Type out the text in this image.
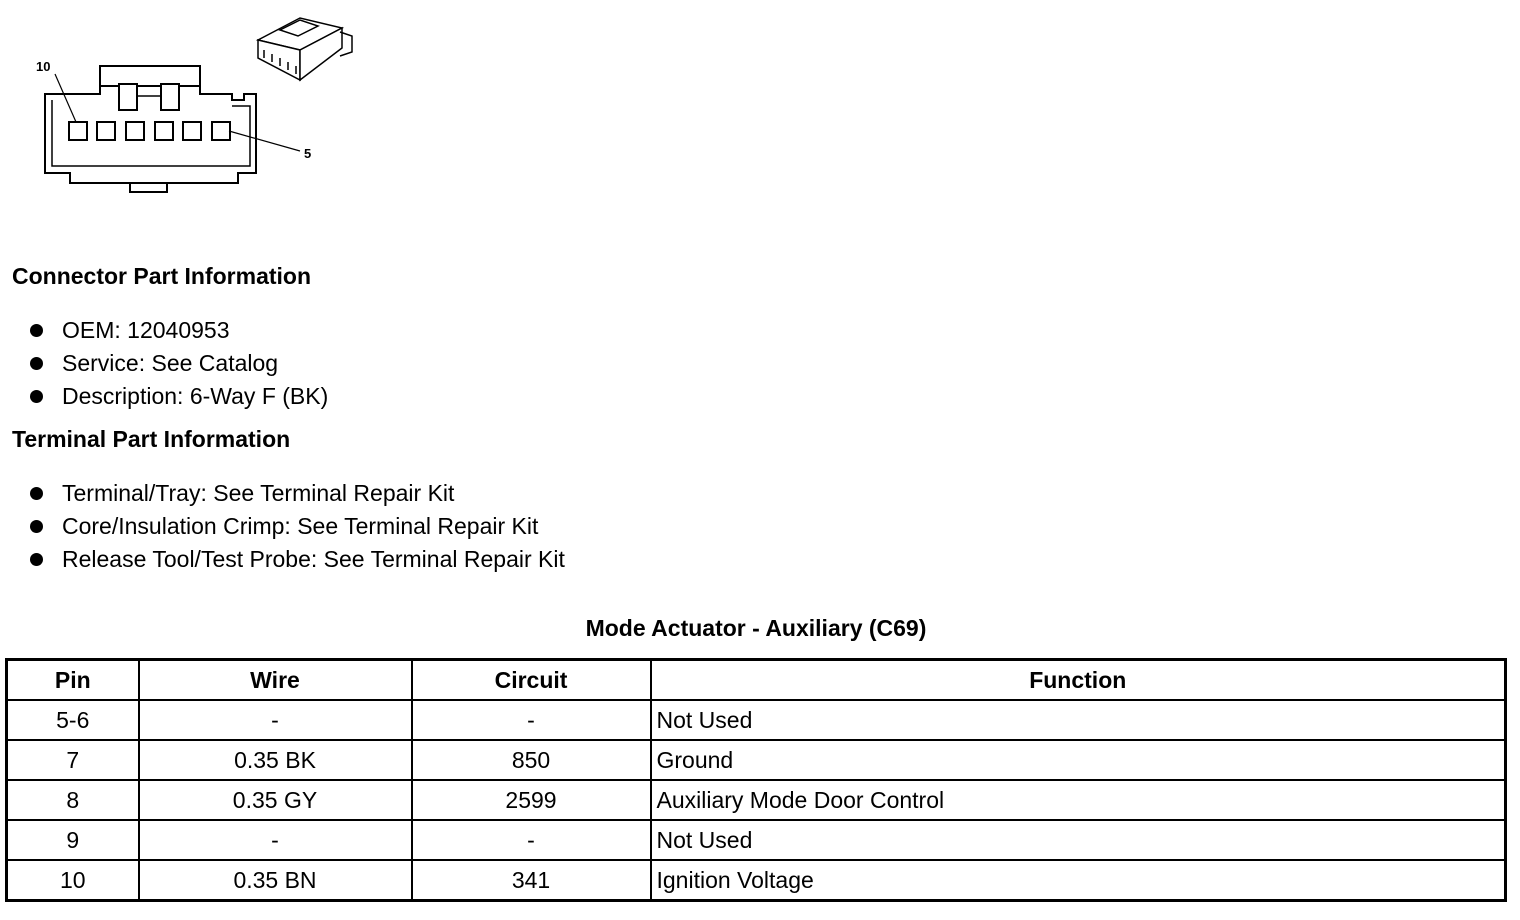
10
5
Connector Part Information
OEM: 12040953
Service: See Catalog
Description: 6-Way F (BK)
Terminal Part Information
Terminal/Tray: See Terminal Repair Kit
Core/Insulation Crimp: See Terminal Repair Kit
Release Tool/Test Probe: See Terminal Repair Kit
Mode Actuator - Auxiliary (C69)
Pin	Wire	Circuit	Function
5-6	-	-	Not Used
7	0.35 BK	850	Ground
8	0.35 GY	2599	Auxiliary Mode Door Control
9	-	-	Not Used
10	0.35 BN	341	Ignition Voltage
